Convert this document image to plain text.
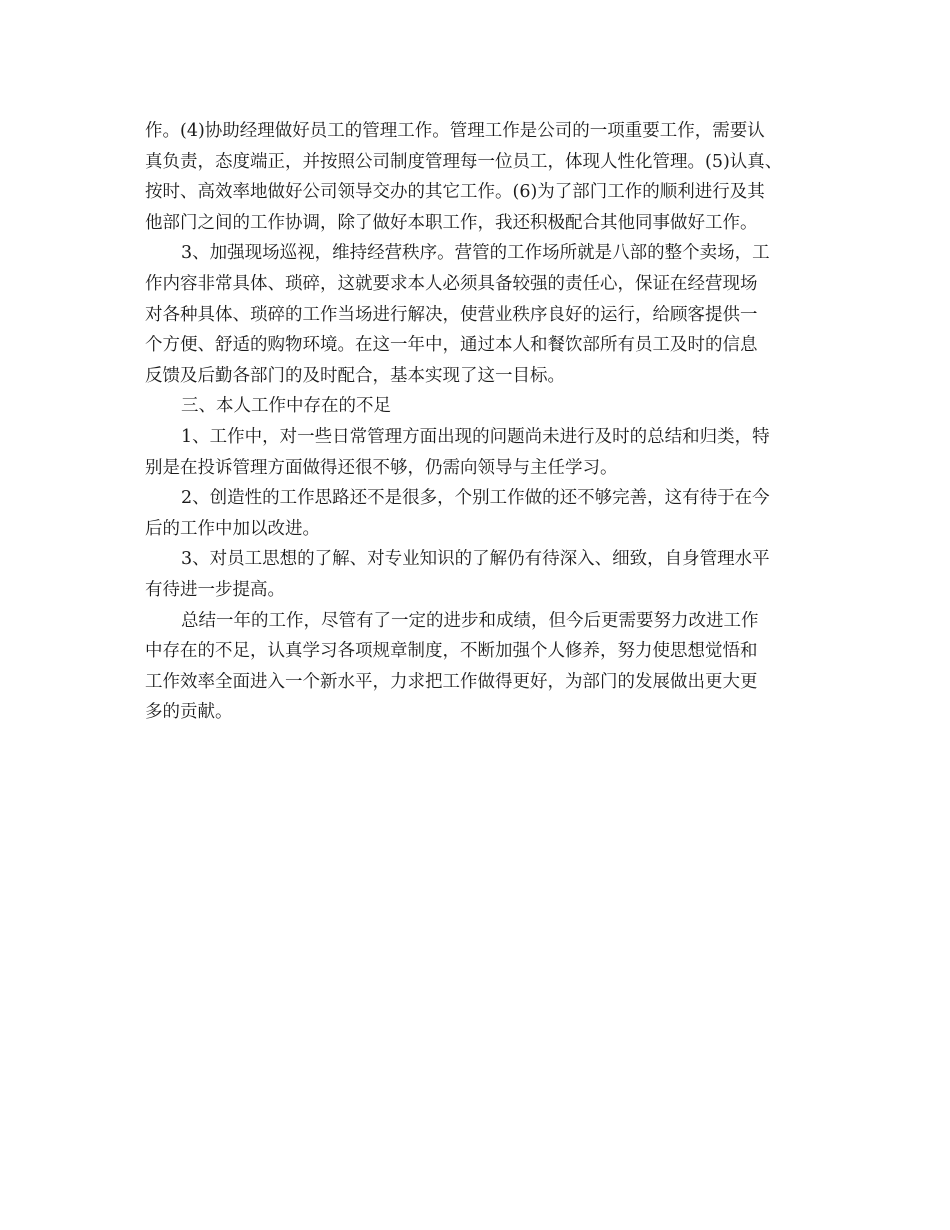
作。(4)协助经理做好员工的管理工作。管理工作是公司的一项重要工作，需要认
真负责，态度端正，并按照公司制度管理每一位员工，体现人性化管理。(5)认真、
按时、高效率地做好公司领导交办的其它工作。(6)为了部门工作的顺利进行及其
他部门之间的工作协调，除了做好本职工作，我还积极配合其他同事做好工作。

3、加强现场巡视，维持经营秩序。营管的工作场所就是八部的整个卖场，工
作内容非常具体、琐碎，这就要求本人必须具备较强的责任心，保证在经营现场
对各种具体、琐碎的工作当场进行解决，使营业秩序良好的运行，给顾客提供一
个方便、舒适的购物环境。在这一年中，通过本人和餐饮部所有员工及时的信息
反馈及后勤各部门的及时配合，基本实现了这一目标。

三、本人工作中存在的不足

1、工作中，对一些日常管理方面出现的问题尚未进行及时的总结和归类，特
别是在投诉管理方面做得还很不够，仍需向领导与主任学习。

2、创造性的工作思路还不是很多，个别工作做的还不够完善，这有待于在今
后的工作中加以改进。

3、对员工思想的了解、对专业知识的了解仍有待深入、细致，自身管理水平
有待进一步提高。

总结一年的工作，尽管有了一定的进步和成绩，但今后更需要努力改进工作
中存在的不足，认真学习各项规章制度，不断加强个人修养，努力使思想觉悟和
工作效率全面进入一个新水平，力求把工作做得更好，为部门的发展做出更大更
多的贡献。
